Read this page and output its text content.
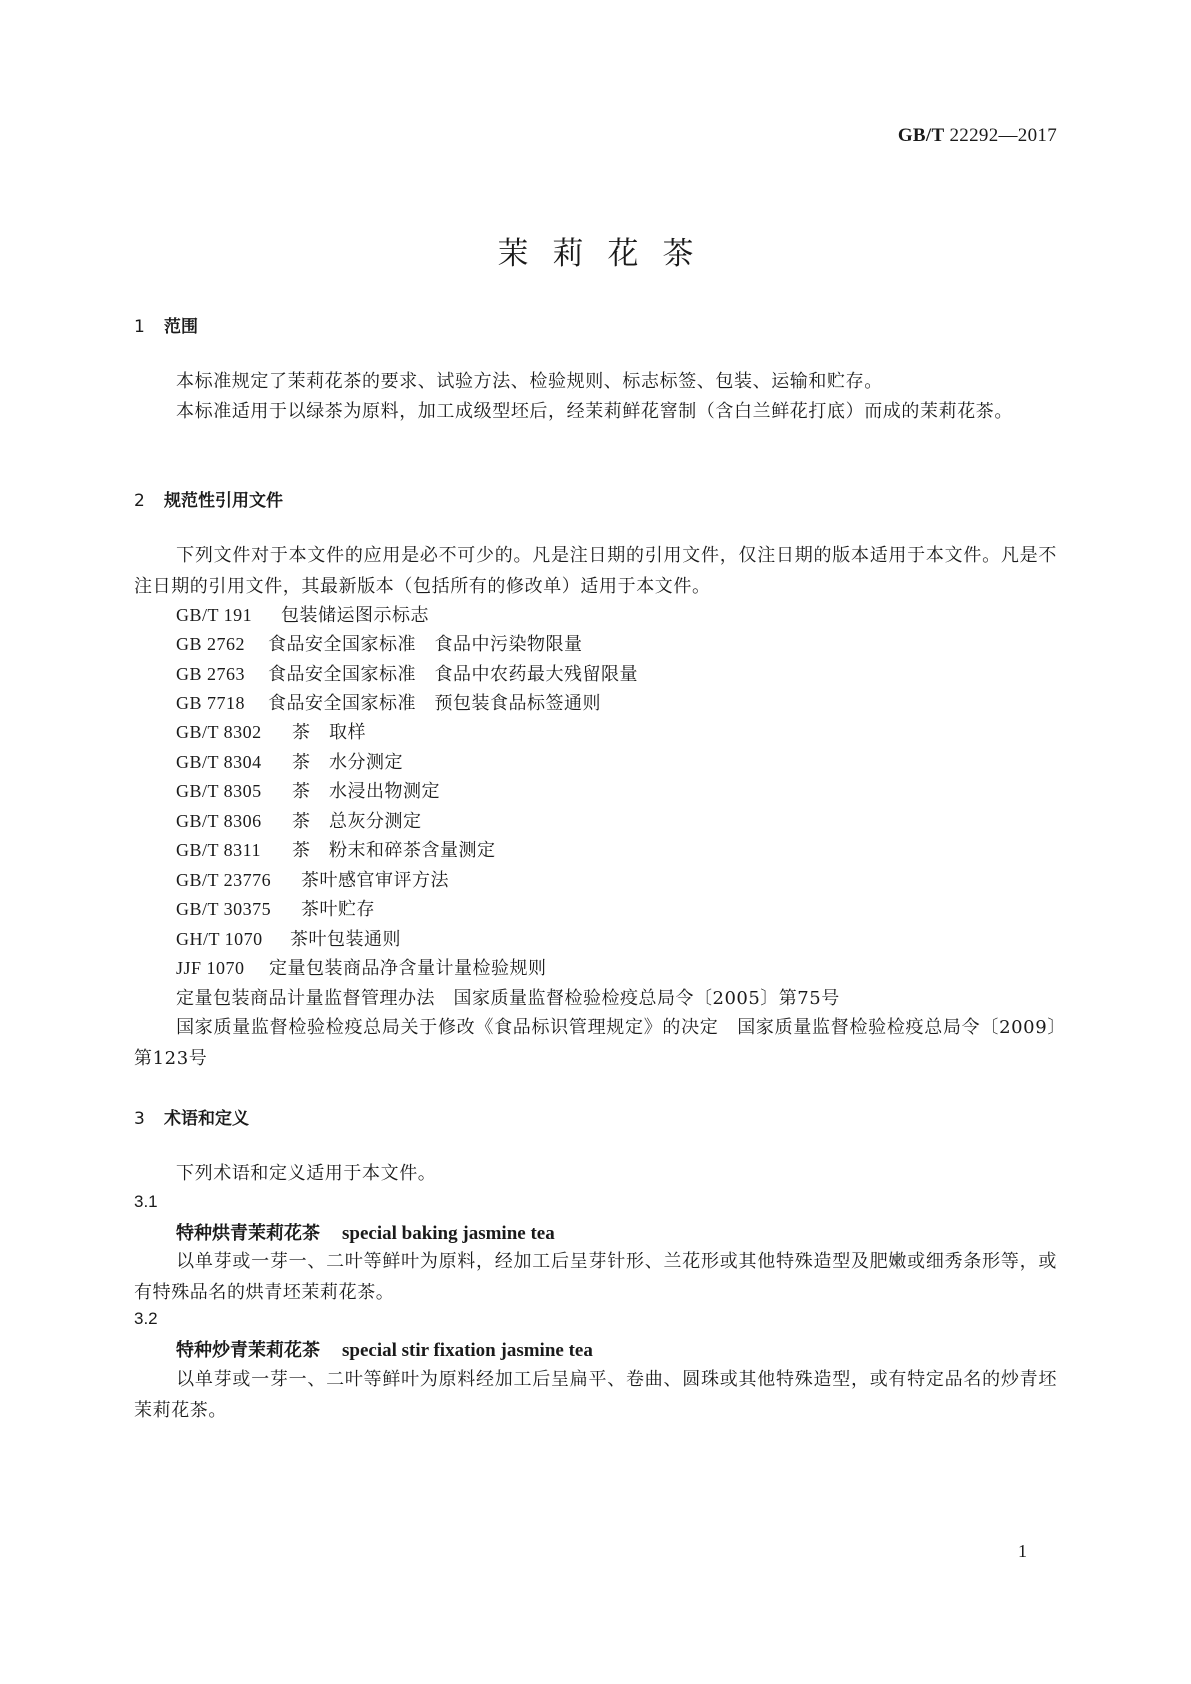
GB/T 22292—2017
茉莉花茶
1 范围
本标准规定了茉莉花茶的要求、试验方法、检验规则、标志标签、包装、运输和贮存。
本标准适用于以绿茶为原料，加工成级型坯后，经茉莉鲜花窨制（含白兰鲜花打底）而成的茉莉花茶。
2 规范性引用文件
下列文件对于本文件的应用是必不可少的。凡是注日期的引用文件，仅注日期的版本适用于本文件。凡是不注日期的引用文件，其最新版本（包括所有的修改单）适用于本文件。
GB/T 191 包装储运图示标志
GB 2762 食品安全国家标准　食品中污染物限量
GB 2763 食品安全国家标准　食品中农药最大残留限量
GB 7718 食品安全国家标准　预包装食品标签通则
GB/T 8302 茶　取样
GB/T 8304 茶　水分测定
GB/T 8305 茶　水浸出物测定
GB/T 8306 茶　总灰分测定
GB/T 8311 茶　粉末和碎茶含量测定
GB/T 23776 茶叶感官审评方法
GB/T 30375 茶叶贮存
GH/T 1070 茶叶包装通则
JJF 1070 定量包装商品净含量计量检验规则
定量包装商品计量监督管理办法　国家质量监督检验检疫总局令〔2005〕第75号
国家质量监督检验检疫总局关于修改《食品标识管理规定》的决定　国家质量监督检验检疫总局令〔2009〕第123号
3 术语和定义
下列术语和定义适用于本文件。
3.1
特种烘青茉莉花茶 special baking jasmine tea
以单芽或一芽一、二叶等鲜叶为原料，经加工后呈芽针形、兰花形或其他特殊造型及肥嫩或细秀条形等，或有特殊品名的烘青坯茉莉花茶。
3.2
特种炒青茉莉花茶 special stir fixation jasmine tea
以单芽或一芽一、二叶等鲜叶为原料经加工后呈扁平、卷曲、圆珠或其他特殊造型，或有特定品名的炒青坯茉莉花茶。
1
